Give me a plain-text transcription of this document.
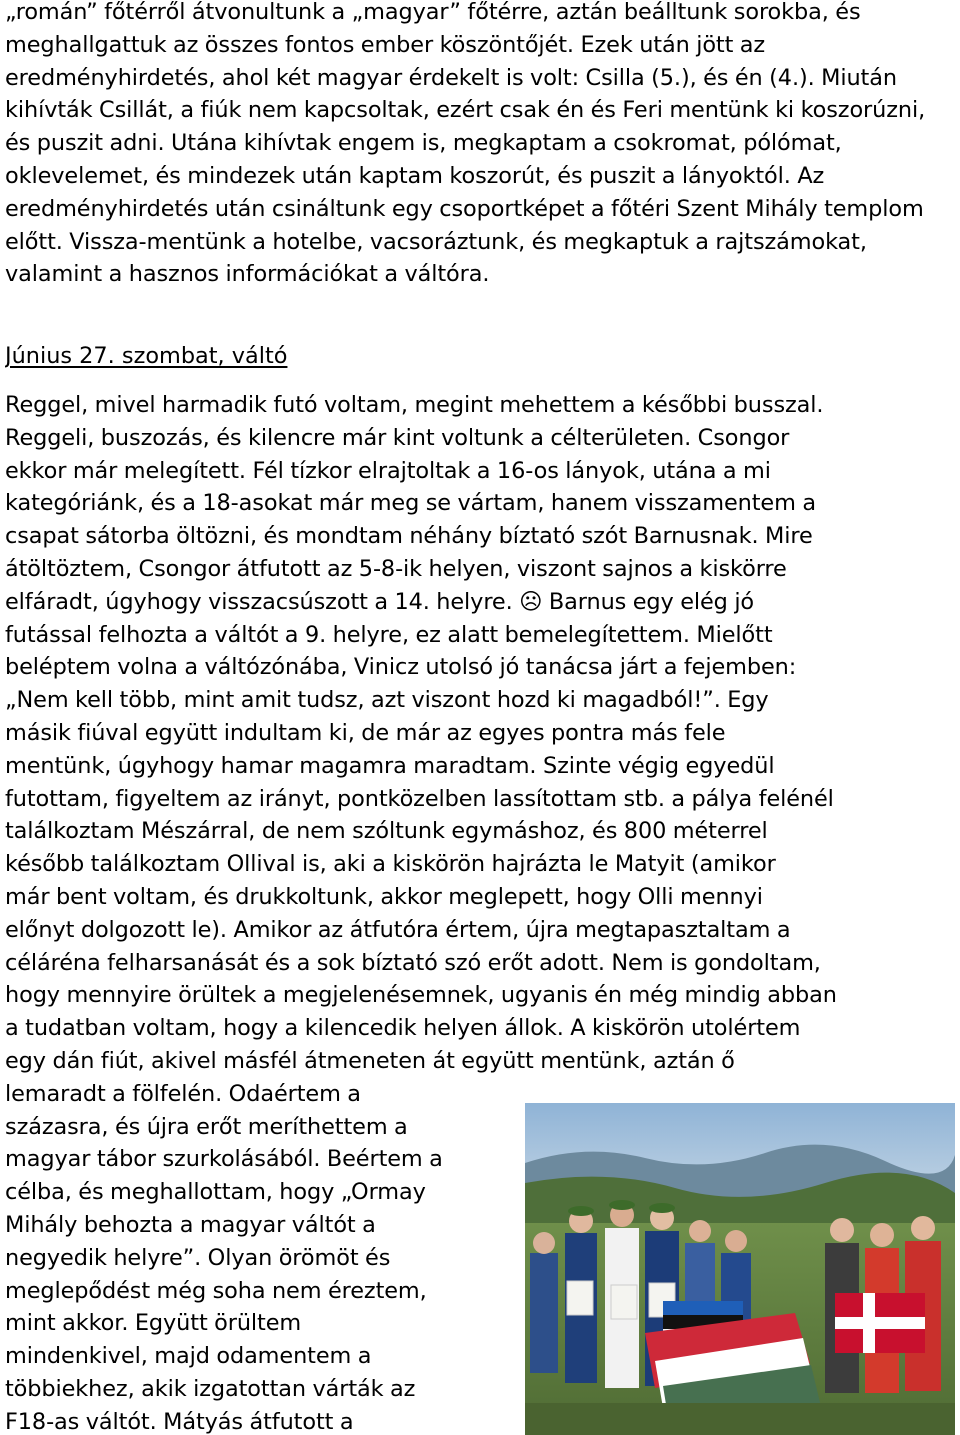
„román” főtérről átvonultunk a „magyar” főtérre, aztán beálltunk sorokba, és meghallgattuk az összes fontos ember köszöntőjét. Ezek után jött az eredményhirdetés, ahol két magyar érdekelt is volt: Csilla (5.), és én (4.). Miután kihívták Csillát, a fiúk nem kapcsoltak, ezért csak én és Feri mentünk ki koszorúzni, és puszit adni. Utána kihívtak engem is, megkaptam a csokromat, pólómat, oklevelemet, és mindezek után kaptam koszorút, és puszit a lányoktól. Az eredményhirdetés után csináltunk egy csoportképet a főtéri Szent Mihály templom előtt. Vissza-mentünk a hotelbe, vacsoráztunk, és megkaptuk a rajtszámokat, valamint a hasznos információkat a váltóra.

Június 27. szombat, váltó
Reggel, mivel harmadik futó voltam, megint mehettem a későbbi busszal.
Reggeli, buszozás, és kilencre már kint voltunk a célterületen. Csongor
ekkor már melegített. Fél tízkor elrajtoltak a 16-os lányok, utána a mi
kategóriánk, és a 18-asokat már meg se vártam, hanem visszamentem a
csapat sátorba öltözni, és mondtam néhány bíztató szót Barnusnak. Mire
átöltöztem, Csongor átfutott az 5-8-ik helyen, viszont sajnos a kiskörre
elfáradt, úgyhogy visszacsúszott a 14. helyre. ☹ Barnus egy elég jó
futással felhozta a váltót a 9. helyre, ez alatt bemelegítettem. Mielőtt
beléptem volna a váltózónába, Vinicz utolsó jó tanácsa járt a fejemben:
„Nem kell több, mint amit tudsz, azt viszont hozd ki magadból!”. Egy
másik fiúval együtt indultam ki, de már az egyes pontra más fele
mentünk, úgyhogy hamar magamra maradtam. Szinte végig egyedül
futottam, figyeltem az irányt, pontközelben lassítottam stb. a pálya felénél
találkoztam Mészárral, de nem szóltunk egymáshoz, és 800 méterrel
később találkoztam Ollival is, aki a kiskörön hajrázta le Matyit (amikor
már bent voltam, és drukkoltunk, akkor meglepett, hogy Olli mennyi
előnyt dolgozott le). Amikor az átfutóra értem, újra megtapasztaltam a
céláréna felharsanását és a sok bíztató szó erőt adott. Nem is gondoltam,
hogy mennyire örültek a megjelenésemnek, ugyanis én még mindig abban
a tudatban voltam, hogy a kilencedik helyen állok. A kiskörön utolértem
egy dán fiút, akivel másfél átmeneten át együtt mentünk, aztán ő
lemaradt a fölfelén. Odaértem a
százasra, és újra erőt meríthettem a
magyar tábor szurkolásából. Beértem a
célba, és meghallottam, hogy „Ormay
Mihály behozta a magyar váltót a
negyedik helyre”. Olyan örömöt és
meglepődést még soha nem éreztem,
mint akkor. Együtt örültem
mindenkivel, majd odamentem a
többiekhez, akik izgatottan várták az
F18-as váltót. Mátyás átfutott a
